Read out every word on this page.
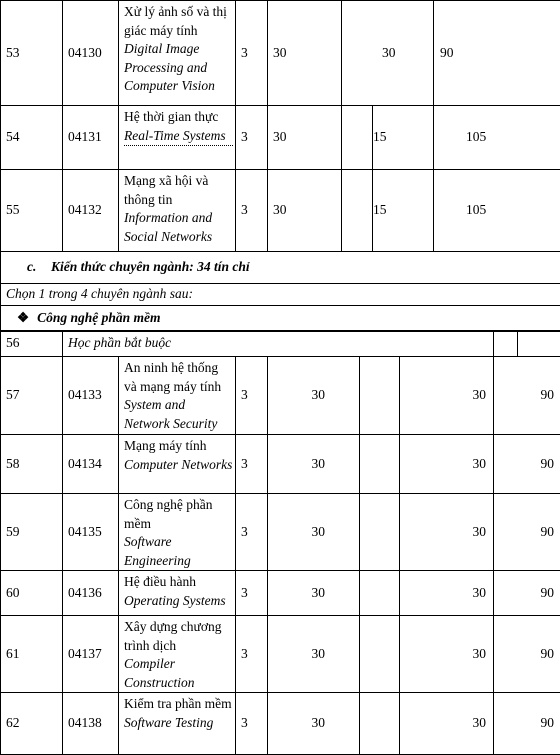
53	04130	Xử lý ảnh số và thị giác máy tính
Digital Image Processing and Computer Vision	3	30	30		90
54	04131	Hệ thời gian thực
Real-Time Systems	3	30		15	105
55	04132	Mạng xã hội và thông tin
Information and Social Networks	3	30		15	105
c. Kiến thức chuyên ngành: 34 tín chỉ
Chọn 1 trong 4 chuyên ngành sau:
❖ Công nghệ phần mềm
56	Học phần bắt buộc							
57	04133	An ninh hệ thống và mạng máy tính
System and Network Security	3	30		30	90	
58	04134	Mạng máy tính
Computer Networks	3	30		30	90	
59	04135	Công nghệ phần mềm
Software Engineering	3	30		30	90	
60	04136	Hệ điều hành
Operating Systems	3	30		30	90	
61	04137	Xây dựng chương trình dịch
Compiler Construction	3	30		30	90	
62	04138	Kiểm tra phần mềm
Software Testing	3	30		30	90	
